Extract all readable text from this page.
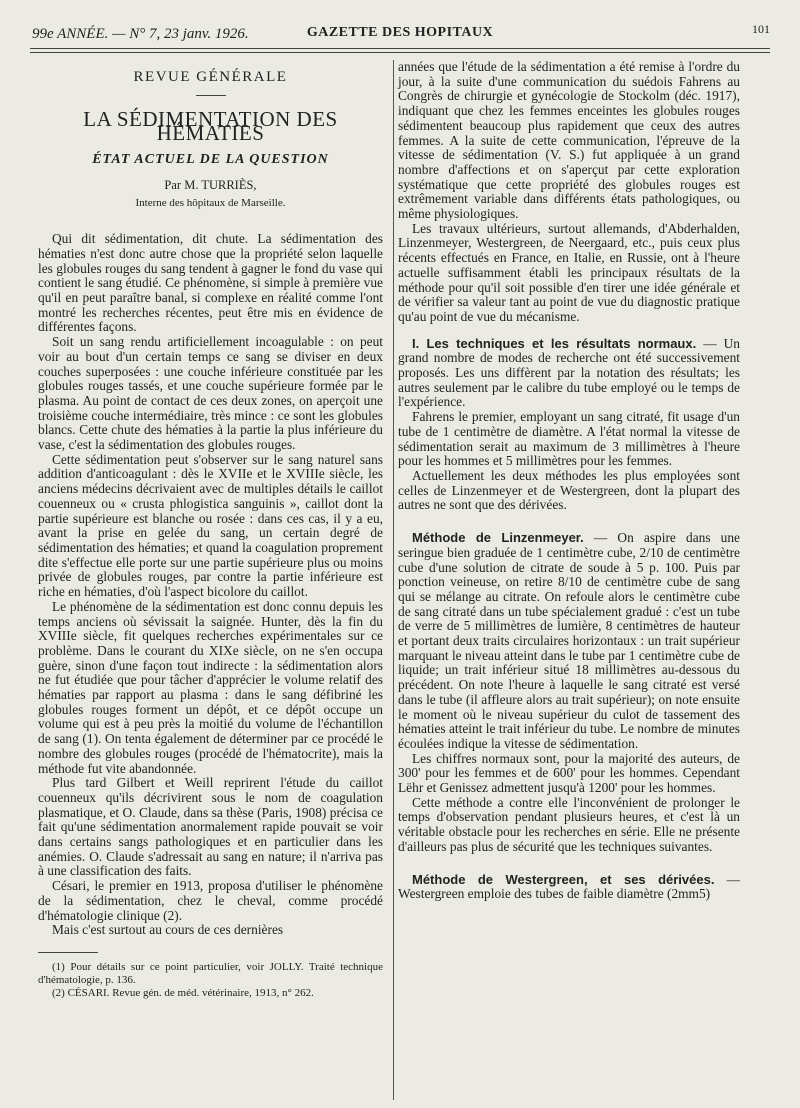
99e ANNÉE. — N° 7, 23 janv. 1926.	GAZETTE DES HOPITAUX	101
REVUE GÉNÉRALE
LA SÉDIMENTATION DES HÉMATIES
ÉTAT ACTUEL DE LA QUESTION
Par M. TURRIÈS,
Interne des hôpitaux de Marseille.

Qui dit sédimentation, dit chute. La sédimentation des hématies n'est donc autre chose que la propriété selon laquelle les globules rouges du sang tendent à gagner le fond du vase qui contient le sang étudié. Ce phénomène, si simple à première vue qu'il en peut paraître banal, si complexe en réalité comme l'ont montré les recherches récentes, peut être mis en évidence de différentes façons.

Soit un sang rendu artificiellement incoagulable : on peut voir au bout d'un certain temps ce sang se diviser en deux couches superposées : une couche inférieure constituée par les globules rouges tassés, et une couche supérieure formée par le plasma. Au point de contact de ces deux zones, on aperçoit une troisième couche intermédiaire, très mince : ce sont les globules blancs. Cette chute des hématies à la partie la plus inférieure du vase, c'est la sédimentation des globules rouges.

Cette sédimentation peut s'observer sur le sang naturel sans addition d'anticoagulant : dès le XVIIe et le XVIIIe siècle, les anciens médecins décrivaient avec de multiples détails le caillot couenneux ou « crusta phlogistica sanguinis », caillot dont la partie supérieure est blanche ou rosée : dans ces cas, il y a eu, avant la prise en gelée du sang, un certain degré de sédimentation des hématies; et quand la coagulation proprement dite s'effectue elle porte sur une partie supérieure plus ou moins privée de globules rouges, par contre la partie inférieure est riche en hématies, d'où l'aspect bicolore du caillot.

Le phénomène de la sédimentation est donc connu depuis les temps anciens où sévissait la saignée. Hunter, dès la fin du XVIIIe siècle, fit quelques recherches expérimentales sur ce problème. Dans le courant du XIXe siècle, on ne s'en occupa guère, sinon d'une façon tout indirecte : la sédimentation alors ne fut étudiée que pour tâcher d'apprécier le volume relatif des hématies par rapport au plasma : dans le sang défibriné les globules rouges forment un dépôt, et ce dépôt occupe un volume qui est à peu près la moitié du volume de l'échantillon de sang (1). On tenta également de déterminer par ce procédé le nombre des globules rouges (procédé de l'hématocrite), mais la méthode fut vite abandonnée.

Plus tard Gilbert et Weill reprirent l'étude du caillot couenneux qu'ils décrivirent sous le nom de coagulation plasmatique, et O. Claude, dans sa thèse (Paris, 1908) précisa ce fait qu'une sédimentation anormalement rapide pouvait se voir dans certains sangs pathologiques et en particulier dans les anémies. O. Claude s'adressait au sang en nature; il n'arriva pas à une classification des faits.

Césari, le premier en 1913, proposa d'utiliser le phénomène de la sédimentation, chez le cheval, comme procédé d'hématologie clinique (2).

Mais c'est surtout au cours de ces dernières

(1) Pour détails sur ce point particulier, voir JOLLY. Traité technique d'hématologie, p. 136.
(2) CÉSARI. Revue gén. de méd. vétérinaire, 1913, n° 262.

années que l'étude de la sédimentation a été remise à l'ordre du jour, à la suite d'une communication du suédois Fahrens au Congrès de chirurgie et gynécologie de Stockolm (déc. 1917), indiquant que chez les femmes enceintes les globules rouges sédimentent beaucoup plus rapidement que ceux des autres femmes. A la suite de cette communication, l'épreuve de la vitesse de sédimentation (V. S.) fut appliquée à un grand nombre d'affections et on s'aperçut par cette exploration systématique que cette propriété des globules rouges est extrêmement variable dans différents états pathologiques, ou même physiologiques.

Les travaux ultérieurs, surtout allemands, d'Abderhalden, Linzenmeyer, Westergreen, de Neergaard, etc., puis ceux plus récents effectués en France, en Italie, en Russie, ont à l'heure actuelle suffisamment établi les principaux résultats de la méthode pour qu'il soit possible d'en tirer une idée générale et de vérifier sa valeur tant au point de vue du diagnostic pratique qu'au point de vue du mécanisme.

I. Les techniques et les résultats normaux. — Un grand nombre de modes de recherche ont été successivement proposés. Les uns diffèrent par la notation des résultats; les autres seulement par le calibre du tube employé ou le temps de l'expérience.

Fahrens le premier, employant un sang citraté, fit usage d'un tube de 1 centimètre de diamètre. A l'état normal la vitesse de sédimentation serait au maximum de 3 millimètres à l'heure pour les hommes et 5 millimètres pour les femmes.

Actuellement les deux méthodes les plus employées sont celles de Linzenmeyer et de Westergreen, dont la plupart des autres ne sont que des dérivées.

Méthode de Linzenmeyer. — On aspire dans une seringue bien graduée de 1 centimètre cube, 2/10 de centimètre cube d'une solution de citrate de soude à 5 p. 100. Puis par ponction veineuse, on retire 8/10 de centimètre cube de sang qui se mélange au citrate. On refoule alors le centimètre cube de sang citraté dans un tube spécialement gradué : c'est un tube de verre de 5 millimètres de lumière, 8 centimètres de hauteur et portant deux traits circulaires horizontaux : un trait supérieur marquant le niveau atteint dans le tube par 1 centimètre cube de liquide; un trait inférieur situé 18 millimètres au-dessous du précédent. On note l'heure à laquelle le sang citraté est versé dans le tube (il affleure alors au trait supérieur); on note ensuite le moment où le niveau supérieur du culot de tassement des hématies atteint le trait inférieur du tube. Le nombre de minutes écoulées indique la vitesse de sédimentation.

Les chiffres normaux sont, pour la majorité des auteurs, de 300' pour les femmes et de 600' pour les hommes. Cependant Lëhr et Genissez admettent jusqu'à 1200' pour les hommes.

Cette méthode a contre elle l'inconvénient de prolonger le temps d'observation pendant plusieurs heures, et c'est là un véritable obstacle pour les recherches en série. Elle ne présente d'ailleurs pas plus de sécurité que les techniques suivantes.

Méthode de Westergreen, et ses dérivées. — Westergreen emploie des tubes de faible diamètre (2mm5)
